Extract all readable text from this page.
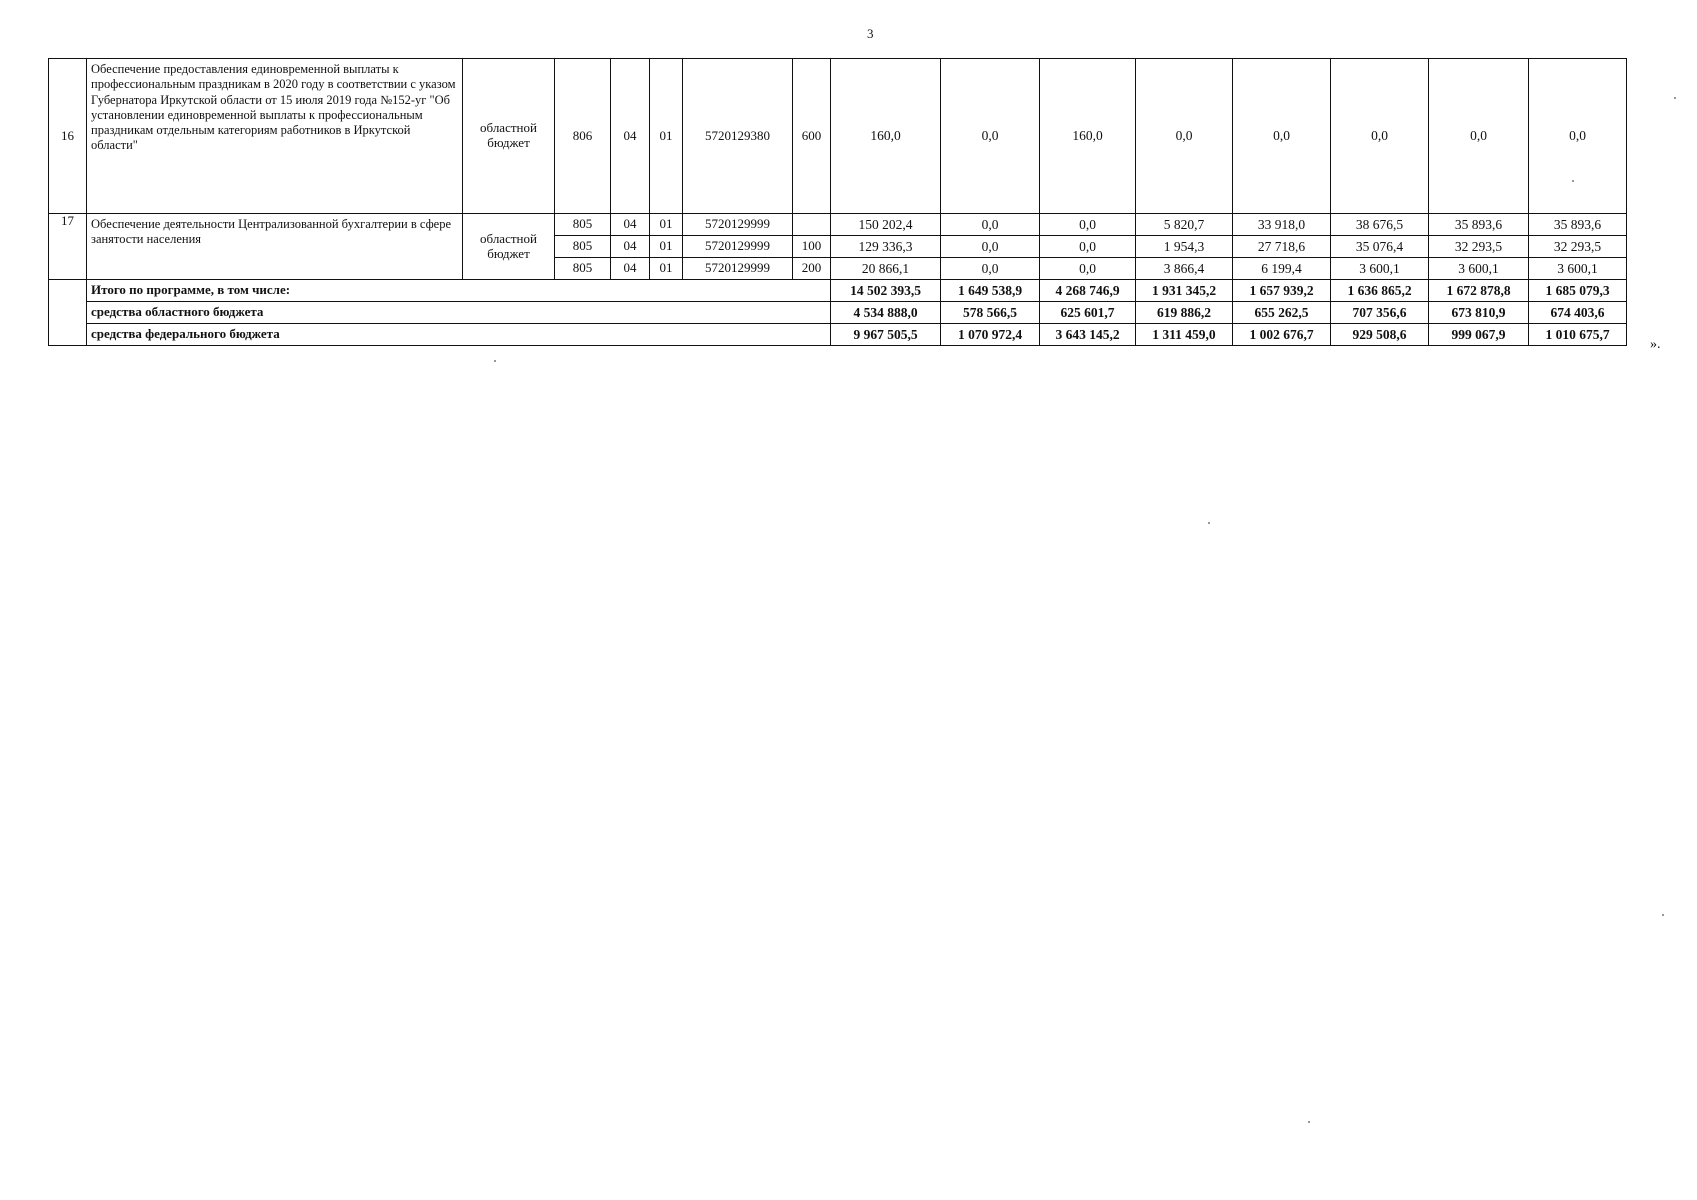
3
16	Обеспечение предоставления единовременной выплаты к профессиональным праздникам в 2020 году в соответствии с указом Губернатора Иркутской области от 15 июля 2019 года №152-уг "Об установлении единовременной выплаты к профессиональным праздникам отдельным категориям работников в Иркутской области"	областной бюджет	806	04	01	5720129380	600	160,0	0,0	160,0	0,0	0,0	0,0	0,0	0,0
17	Обеспечение деятельности Централизованной бухгалтерии в сфере занятости населения	областной бюджет	805	04	01	5720129999		150 202,4	0,0	0,0	5 820,7	33 918,0	38 676,5	35 893,6	35 893,6
			805	04	01	5720129999	100	129 336,3	0,0	0,0	1 954,3	27 718,6	35 076,4	32 293,5	32 293,5
			805	04	01	5720129999	200	20 866,1	0,0	0,0	3 866,4	6 199,4	3 600,1	3 600,1	3 600,1
	Итого по программе, в том числе:							14 502 393,5	1 649 538,9	4 268 746,9	1 931 345,2	1 657 939,2	1 636 865,2	1 672 878,8	1 685 079,3
	средства областного бюджета							4 534 888,0	578 566,5	625 601,7	619 886,2	655 262,5	707 356,6	673 810,9	674 403,6
	средства федерального бюджета							9 967 505,5	1 070 972,4	3 643 145,2	1 311 459,0	1 002 676,7	929 508,6	999 067,9	1 010 675,7
».
